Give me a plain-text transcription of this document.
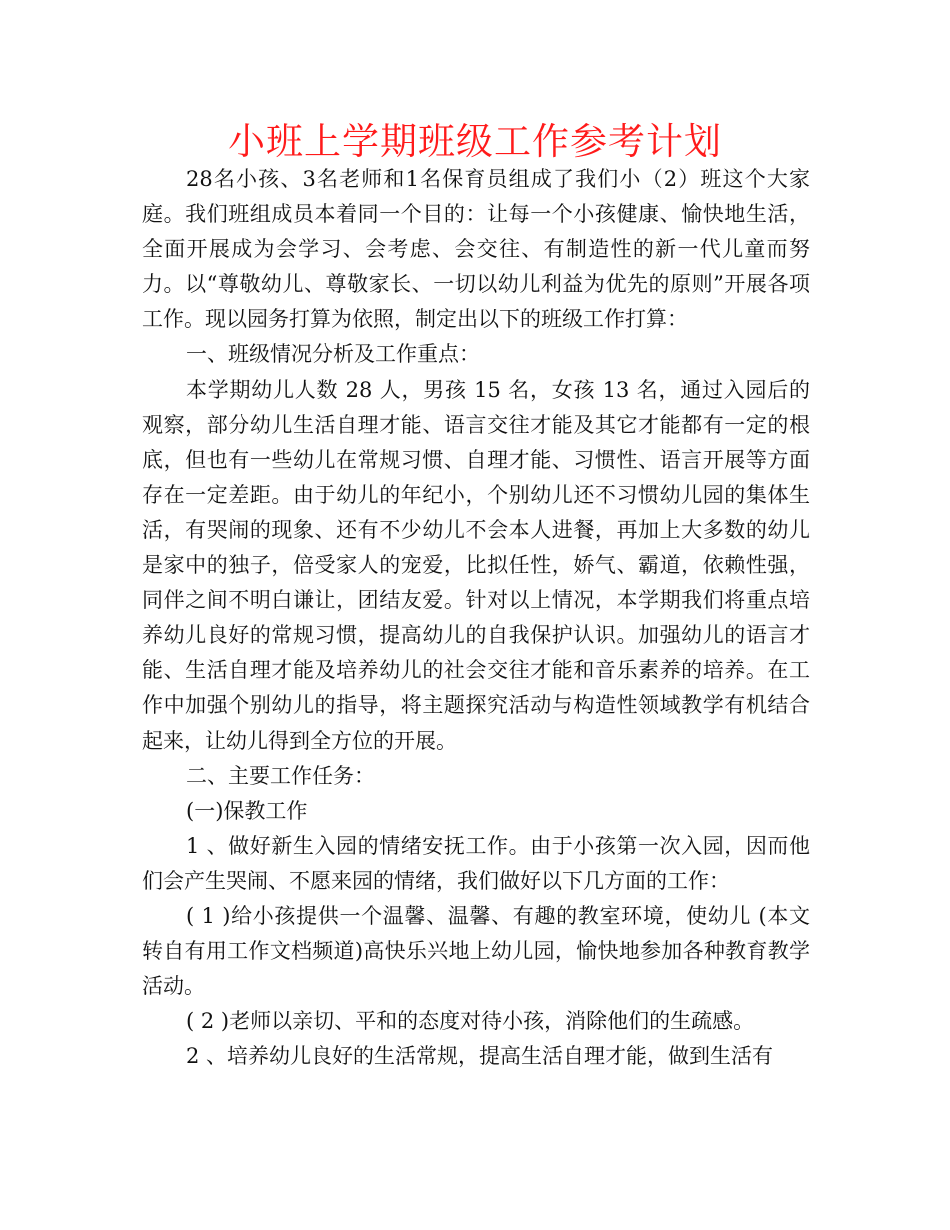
小班上学期班级工作参考计划

28名小孩、3名老师和1名保育员组成了我们小（2）班这个大家庭。我们班组成员本着同一个目的：让每一个小孩健康、愉快地生活，全面开展成为会学习、会考虑、会交往、有制造性的新一代儿童而努力。以“尊敬幼儿、尊敬家长、一切以幼儿利益为优先的原则”开展各项工作。现以园务打算为依照，制定出以下的班级工作打算：

一、班级情况分析及工作重点：

本学期幼儿人数 28 人，男孩 15 名，女孩 13 名，通过入园后的观察，部分幼儿生活自理才能、语言交往才能及其它才能都有一定的根底，但也有一些幼儿在常规习惯、自理才能、习惯性、语言开展等方面存在一定差距。由于幼儿的年纪小，个别幼儿还不习惯幼儿园的集体生活，有哭闹的现象、还有不少幼儿不会本人进餐，再加上大多数的幼儿是家中的独子，倍受家人的宠爱，比拟任性，娇气、霸道，依赖性强，同伴之间不明白谦让，团结友爱。针对以上情况，本学期我们将重点培养幼儿良好的常规习惯，提高幼儿的自我保护认识。加强幼儿的语言才能、生活自理才能及培养幼儿的社会交往才能和音乐素养的培养。在工作中加强个别幼儿的指导，将主题探究活动与构造性领域教学有机结合起来，让幼儿得到全方位的开展。

二、主要工作任务：

(一)保教工作

1 、做好新生入园的情绪安抚工作。由于小孩第一次入园，因而他们会产生哭闹、不愿来园的情绪，我们做好以下几方面的工作：

( 1 )给小孩提供一个温馨、温馨、有趣的教室环境，使幼儿 (本文转自有用工作文档频道)高快乐兴地上幼儿园，愉快地参加各种教育教学活动。

( 2 )老师以亲切、平和的态度对待小孩，消除他们的生疏感。

2 、培养幼儿良好的生活常规，提高生活自理才能，做到生活有
